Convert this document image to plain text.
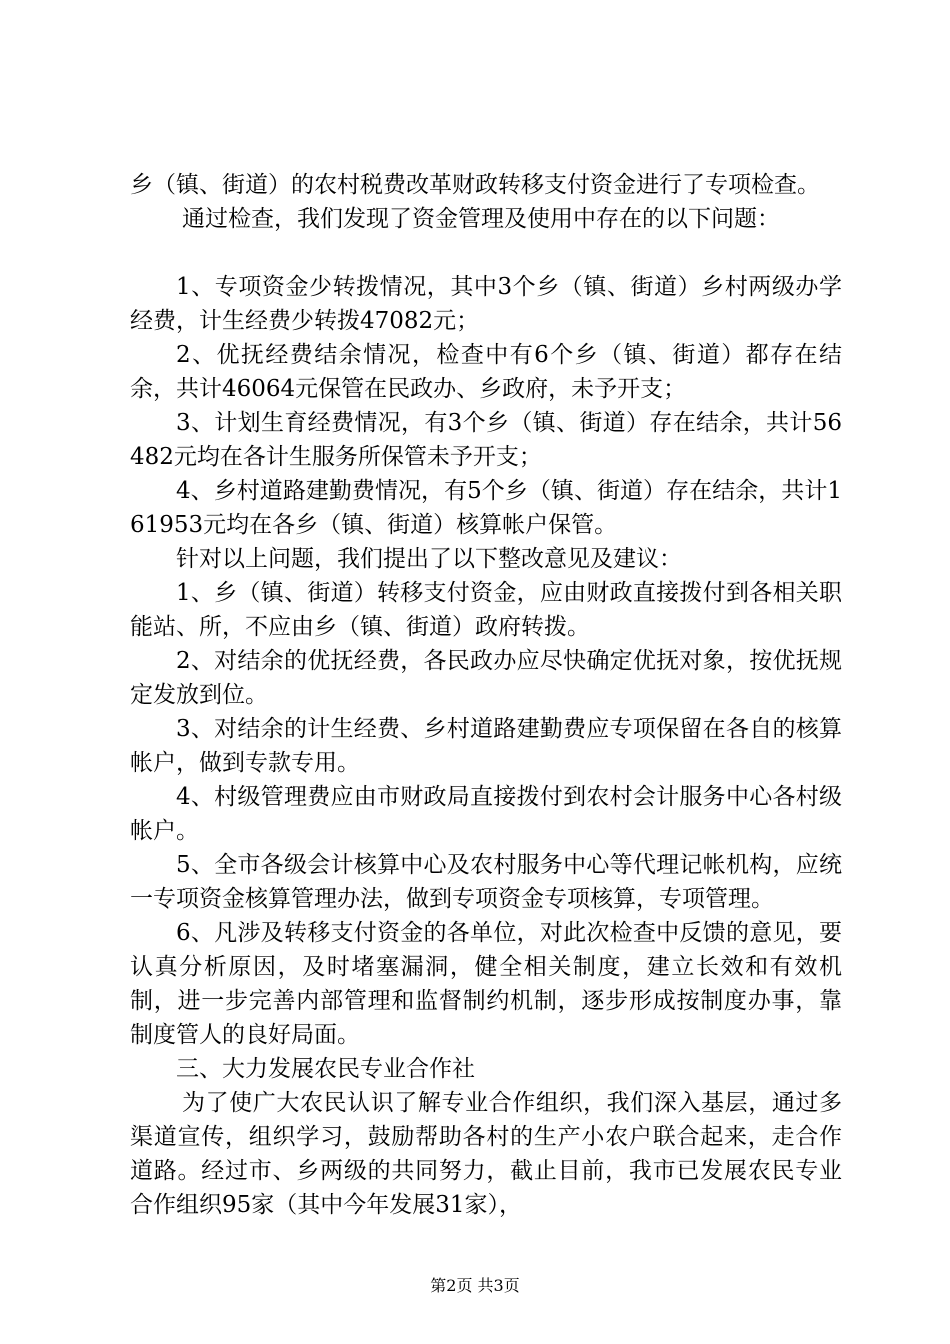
乡（镇、街道）的农村税费改革财政转移支付资金进行了专项检查。

通过检查，我们发现了资金管理及使用中存在的以下问题：

1、专项资金少转拨情况，其中3个乡（镇、街道）乡村两级办学经费，计生经费少转拨47082元；

2、优抚经费结余情况，检查中有6个乡（镇、街道）都存在结余，共计46064元保管在民政办、乡政府，未予开支；

3、计划生育经费情况，有3个乡（镇、街道）存在结余，共计56482元均在各计生服务所保管未予开支；

4、乡村道路建勤费情况，有5个乡（镇、街道）存在结余，共计161953元均在各乡（镇、街道）核算帐户保管。

针对以上问题，我们提出了以下整改意见及建议：

1、乡（镇、街道）转移支付资金，应由财政直接拨付到各相关职能站、所，不应由乡（镇、街道）政府转拨。

2、对结余的优抚经费，各民政办应尽快确定优抚对象，按优抚规定发放到位。

3、对结余的计生经费、乡村道路建勤费应专项保留在各自的核算帐户，做到专款专用。

4、村级管理费应由市财政局直接拨付到农村会计服务中心各村级帐户。

5、全市各级会计核算中心及农村服务中心等代理记帐机构，应统一专项资金核算管理办法，做到专项资金专项核算，专项管理。

6、凡涉及转移支付资金的各单位，对此次检查中反馈的意见，要认真分析原因，及时堵塞漏洞，健全相关制度，建立长效和有效机制，进一步完善内部管理和监督制约机制，逐步形成按制度办事，靠制度管人的良好局面。

三、大力发展农民专业合作社

为了使广大农民认识了解专业合作组织，我们深入基层，通过多渠道宣传，组织学习，鼓励帮助各村的生产小农户联合起来，走合作道路。经过市、乡两级的共同努力，截止目前，我市已发展农民专业合作组织95家（其中今年发展31家），

第2页 共3页
